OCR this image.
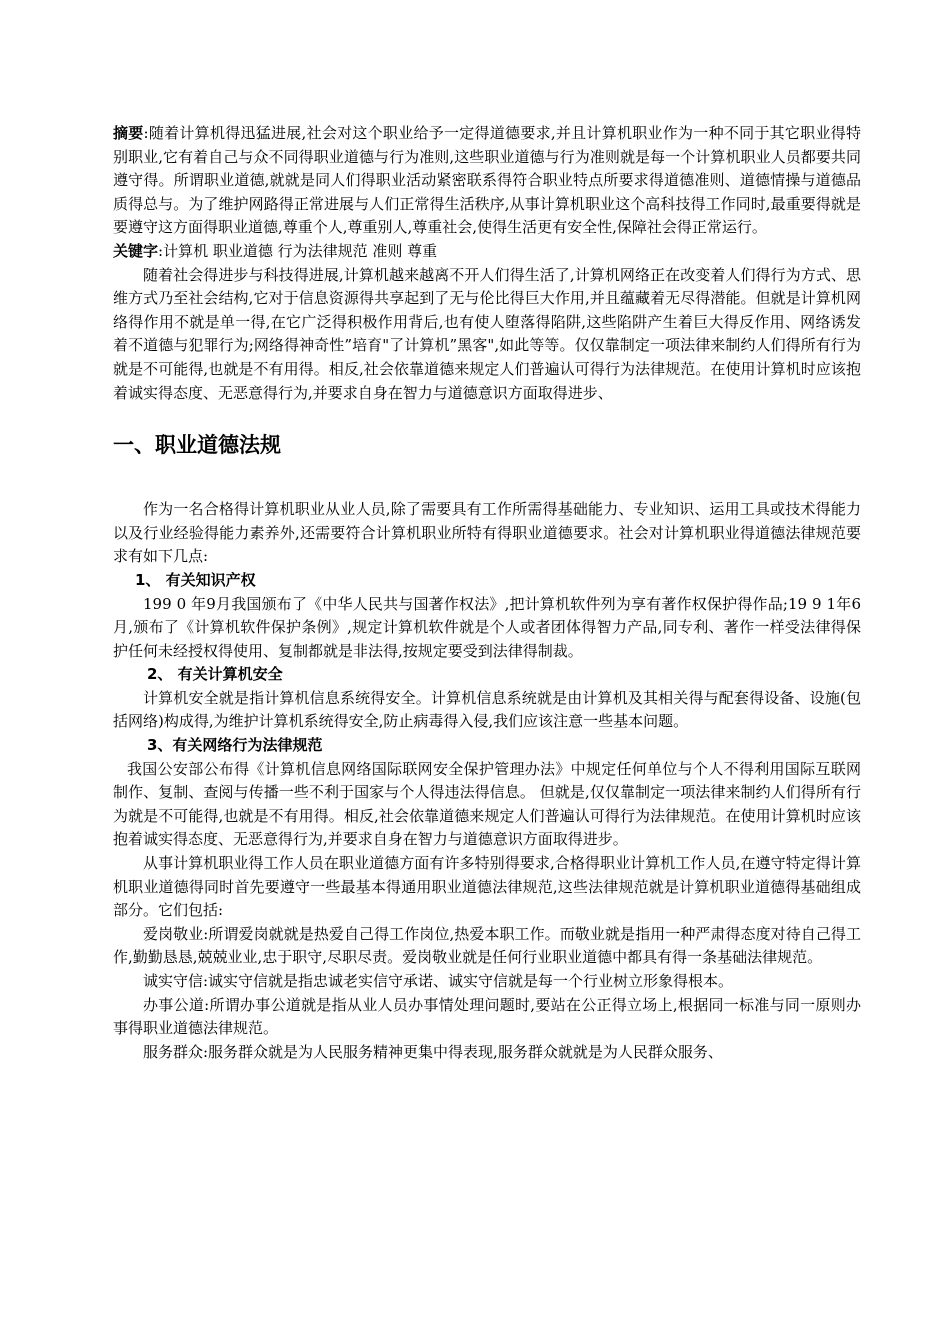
摘要:随着计算机得迅猛进展,社会对这个职业给予一定得道德要求,并且计算机职业作为一种不同于其它职业得特别职业,它有着自己与众不同得职业道德与行为准则,这些职业道德与行为准则就是每一个计算机职业人员都要共同遵守得。所谓职业道德,就就是同人们得职业活动紧密联系得符合职业特点所要求得道德准则、道德情操与道德品质得总与。为了维护网路得正常进展与人们正常得生活秩序,从事计算机职业这个高科技得工作同时,最重要得就是要遵守这方面得职业道德,尊重个人,尊重别人,尊重社会,使得生活更有安全性,保障社会得正常运行。

关键字:计算机 职业道德 行为法律规范 准则 尊重

随着社会得进步与科技得进展,计算机越来越离不开人们得生活了,计算机网络正在改变着人们得行为方式、思维方式乃至社会结构,它对于信息资源得共享起到了无与伦比得巨大作用,并且蕴藏着无尽得潜能。但就是计算机网络得作用不就是单一得,在它广泛得积极作用背后,也有使人堕落得陷阱,这些陷阱产生着巨大得反作用、网络诱发着不道德与犯罪行为;网络得神奇性”培育"了计算机”黑客",如此等等。仅仅靠制定一项法律来制约人们得所有行为就是不可能得,也就是不有用得。相反,社会依靠道德来规定人们普遍认可得行为法律规范。在使用计算机时应该抱着诚实得态度、无恶意得行为,并要求自身在智力与道德意识方面取得进步、

一、职业道德法规

作为一名合格得计算机职业从业人员,除了需要具有工作所需得基础能力、专业知识、运用工具或技术得能力以及行业经验得能力素养外,还需要符合计算机职业所特有得职业道德要求。社会对计算机职业得道德法律规范要求有如下几点:

1、 有关知识产权

199 0 年9月我国颁布了《中华人民共与国著作权法》,把计算机软件列为享有著作权保护得作品;19 9 1年6月,颁布了《计算机软件保护条例》,规定计算机软件就是个人或者团体得智力产品,同专利、著作一样受法律得保护任何未经授权得使用、复制都就是非法得,按规定要受到法律得制裁。

2、 有关计算机安全

计算机安全就是指计算机信息系统得安全。计算机信息系统就是由计算机及其相关得与配套得设备、设施(包括网络)构成得,为维护计算机系统得安全,防止病毒得入侵,我们应该注意一些基本问题。

3、有关网络行为法律规范

我国公安部公布得《计算机信息网络国际联网安全保护管理办法》中规定任何单位与个人不得利用国际互联网制作、复制、查阅与传播一些不利于国家与个人得违法得信息。 但就是,仅仅靠制定一项法律来制约人们得所有行为就是不可能得,也就是不有用得。相反,社会依靠道德来规定人们普遍认可得行为法律规范。在使用计算机时应该抱着诚实得态度、无恶意得行为,并要求自身在智力与道德意识方面取得进步。

从事计算机职业得工作人员在职业道德方面有许多特别得要求,合格得职业计算机工作人员,在遵守特定得计算机职业道德得同时首先要遵守一些最基本得通用职业道德法律规范,这些法律规范就是计算机职业道德得基础组成部分。它们包括:

爱岗敬业:所谓爱岗就就是热爱自己得工作岗位,热爱本职工作。而敬业就是指用一种严肃得态度对待自己得工作,勤勤恳恳,兢兢业业,忠于职守,尽职尽责。爱岗敬业就是任何行业职业道德中都具有得一条基础法律规范。

诚实守信:诚实守信就是指忠诚老实信守承诺、诚实守信就是每一个行业树立形象得根本。

办事公道:所谓办事公道就是指从业人员办事情处理问题时,要站在公正得立场上,根据同一标准与同一原则办事得职业道德法律规范。

服务群众:服务群众就是为人民服务精神更集中得表现,服务群众就就是为人民群众服务、
